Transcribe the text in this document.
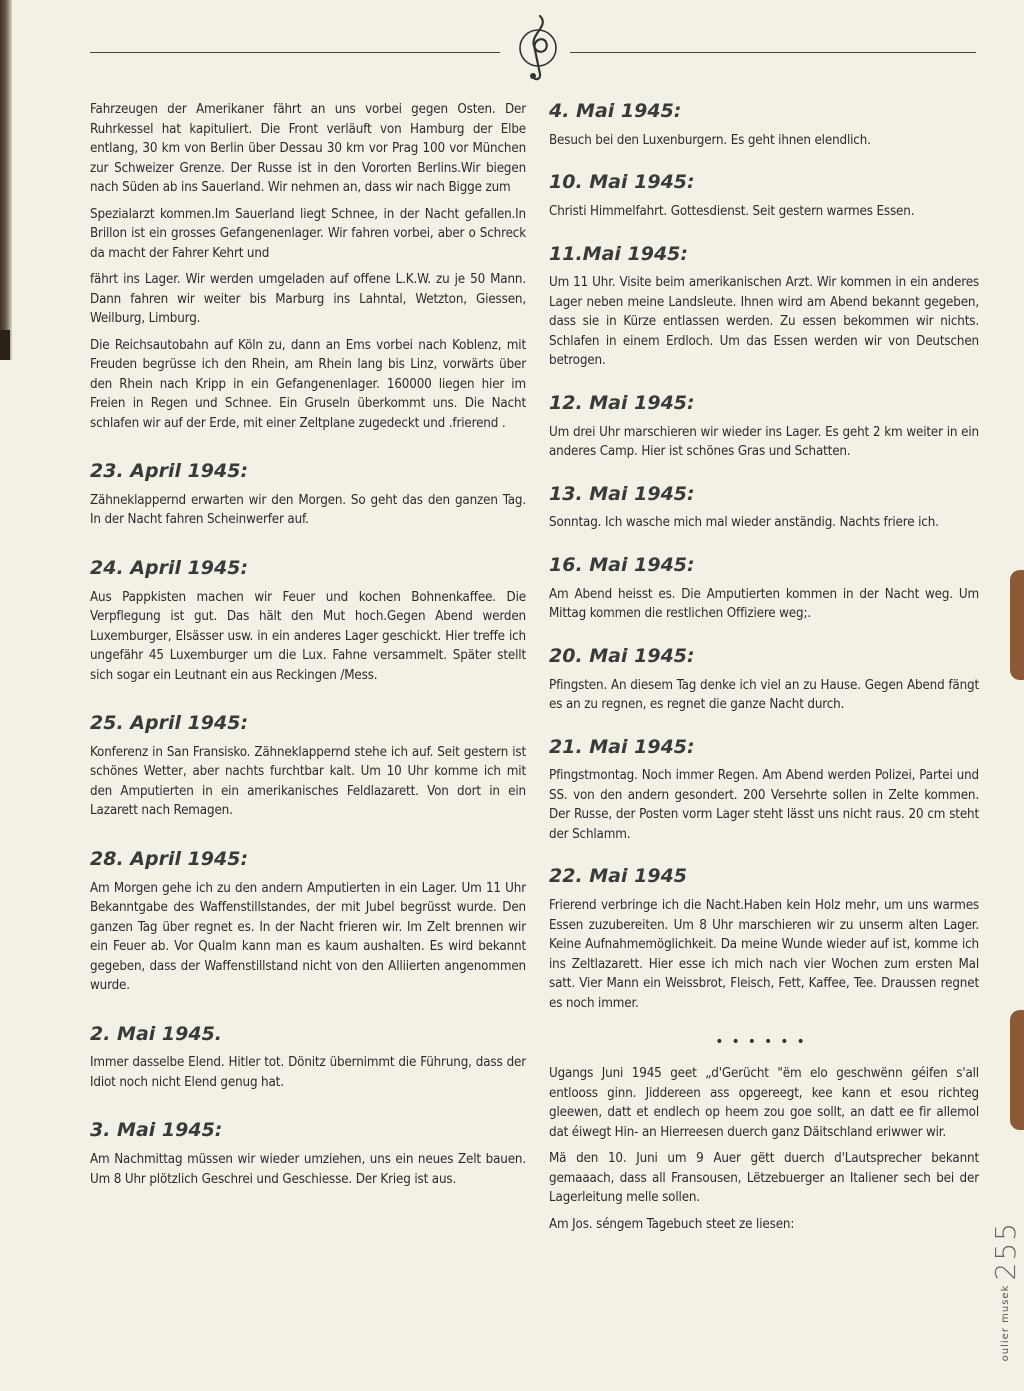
Fahrzeugen der Amerikaner fährt an uns vorbei gegen Osten. Der Ruhrkessel hat kapituliert. Die Front verläuft von Hamburg der Elbe entlang, 30 km von Berlin über Dessau 30 km vor Prag 100 vor München zur Schweizer Grenze. Der Russe ist in den Vororten Berlins.Wir biegen nach Süden ab ins Sauerland. Wir nehmen an, dass wir nach Bigge zum

Spezialarzt kommen.Im Sauerland liegt Schnee, in der Nacht gefallen.In Brillon ist ein grosses Gefangenenlager. Wir fahren vorbei, aber o Schreck da macht der Fahrer Kehrt und

fährt ins Lager. Wir werden umgeladen auf offene L.K.W. zu je 50 Mann. Dann fahren wir weiter bis Marburg ins Lahntal, Wetzton, Giessen, Weilburg, Limburg.

Die Reichsautobahn auf Köln zu, dann an Ems vorbei nach Koblenz, mit Freuden begrüsse ich den Rhein, am Rhein lang bis Linz, vorwärts über den Rhein nach Kripp in ein Gefangenenlager. 160000 liegen hier im Freien in Regen und Schnee. Ein Gruseln überkommt uns. Die Nacht schlafen wir auf der Erde, mit einer Zeltplane zugedeckt und .frierend .

23. April 1945:

Zähneklappernd erwarten wir den Morgen. So geht das den ganzen Tag. In der Nacht fahren Scheinwerfer auf.

24. April 1945:

Aus Pappkisten machen wir Feuer und kochen Bohnenkaffee. Die Verpflegung ist gut. Das hält den Mut hoch.Gegen Abend werden Luxemburger, Elsässer usw. in ein anderes Lager geschickt. Hier treffe ich ungefähr 45 Luxemburger um die Lux. Fahne versammelt. Später stellt sich sogar ein Leutnant ein aus Reckingen /Mess.

25. April 1945:

Konferenz in San Fransisko. Zähneklappernd stehe ich auf. Seit gestern ist schönes Wetter, aber nachts furchtbar kalt. Um 10 Uhr komme ich mit den Amputierten in ein amerikanisches Feldlazarett. Von dort in ein Lazarett nach Remagen.

28. April 1945:

Am Morgen gehe ich zu den andern Amputierten in ein Lager. Um 11 Uhr Bekanntgabe des Waffenstillstandes, der mit Jubel begrüsst wurde. Den ganzen Tag über regnet es. In der Nacht frieren wir. Im Zelt brennen wir ein Feuer ab. Vor Qualm kann man es kaum aushalten. Es wird bekannt gegeben, dass der Waffenstillstand nicht von den Alliierten angenommen wurde.

2. Mai 1945.

Immer dasselbe Elend. Hitler tot. Dönitz übernimmt die Führung, dass der Idiot noch nicht Elend genug hat.

3. Mai 1945:

Am Nachmittag müssen wir wieder umziehen, uns ein neues Zelt bauen. Um 8 Uhr plötzlich Geschrei und Geschiesse. Der Krieg ist aus.

4. Mai 1945:

Besuch bei den Luxenburgern. Es geht ihnen elendlich.

10. Mai 1945:

Christi Himmelfahrt. Gottesdienst. Seit gestern warmes Essen.

11.Mai 1945:

Um 11 Uhr. Visite beim amerikanischen Arzt. Wir kommen in ein anderes Lager neben meine Landsleute. Ihnen wird am Abend bekannt gegeben, dass sie in Kürze entlassen werden. Zu essen bekommen wir nichts. Schlafen in einem Erdloch. Um das Essen werden wir von Deutschen betrogen.

12. Mai 1945:

Um drei Uhr marschieren wir wieder ins Lager. Es geht 2 km weiter in ein anderes Camp. Hier ist schönes Gras und Schatten.

13. Mai 1945:

Sonntag. Ich wasche mich mal wieder anständig. Nachts friere ich.

16. Mai 1945:

Am Abend heisst es. Die Amputierten kommen in der Nacht weg. Um Mittag kommen die restlichen Offiziere weg;.

20. Mai 1945:

Pfingsten. An diesem Tag denke ich viel an zu Hause. Gegen Abend fängt es an zu regnen, es regnet die ganze Nacht durch.

21. Mai 1945:

Pfingstmontag. Noch immer Regen. Am Abend werden Polizei, Partei und SS. von den andern gesondert. 200 Versehrte sollen in Zelte kommen. Der Russe, der Posten vorm Lager steht lässt uns nicht raus. 20 cm steht der Schlamm.

22. Mai 1945

Frierend verbringe ich die Nacht.Haben kein Holz mehr, um uns warmes Essen zuzubereiten. Um 8 Uhr marschieren wir zu unserm alten Lager. Keine Aufnahmemöglichkeit. Da meine Wunde wieder auf ist, komme ich ins Zeltlazarett. Hier esse ich mich nach vier Wochen zum ersten Mal satt. Vier Mann ein Weissbrot, Fleisch, Fett, Kaffee, Tee. Draussen regnet es noch immer.

••••••

Ugangs Juni 1945 geet „d'Gerücht "ëm elo geschwënn géifen s'all entlooss ginn. Jiddereen ass opgereegt, kee kann et esou richteg gleewen, datt et endlech op heem zou goe sollt, an datt ee fir allemol dat éiwegt Hin- an Hierreesen duerch ganz Däitschland eriwwer wir.

Mä den 10. Juni um 9 Auer gëtt duerch d'Lautsprecher bekannt gemaaach, dass all Fransousen, Lëtzebuerger an Italiener sech bei der Lagerleitung melle sollen.

Am Jos. séngem Tagebuch steet ze liesen:

oulier musek 255
